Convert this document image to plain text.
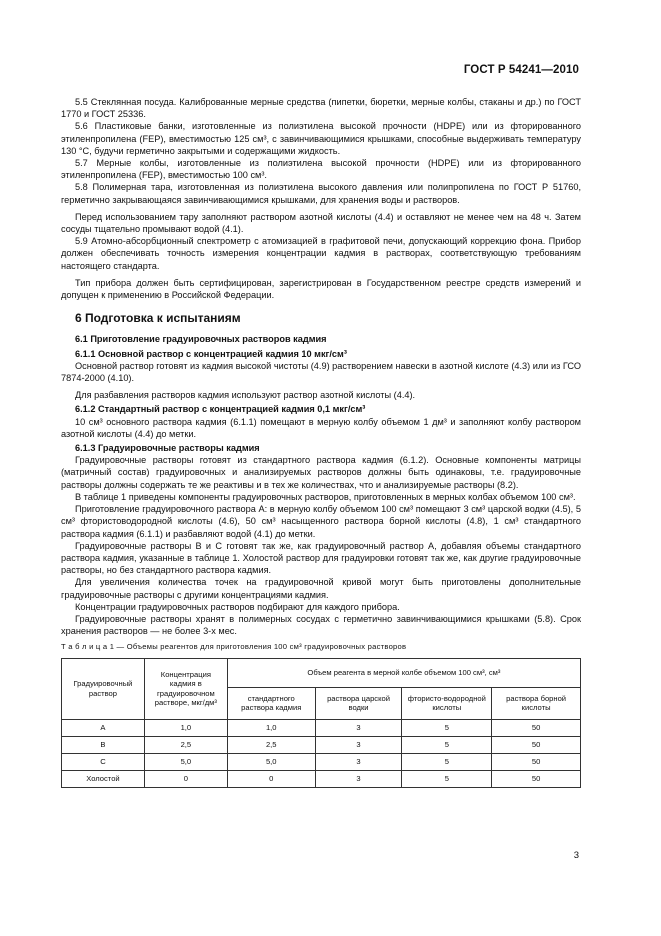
ГОСТ Р 54241—2010

5.5 Стеклянная посуда. Калиброванные мерные средства (пипетки, бюретки, мерные колбы, стаканы и др.) по ГОСТ 1770 и ГОСТ 25336.

5.6 Пластиковые банки, изготовленные из полиэтилена высокой прочности (HDPE) или из фторированного этиленпропилена (FEP), вместимостью 125 см³, с завинчивающимися крышками, способные выдерживать температуру 130 °C, будучи герметично закрытыми и содержащими жидкость.

5.7 Мерные колбы, изготовленные из полиэтилена высокой прочности (HDPE) или из фторированного этиленпропилена (FEP), вместимостью 100 см³.

5.8 Полимерная тара, изготовленная из полиэтилена высокого давления или полипропилена по ГОСТ Р 51760, герметично закрывающаяся завинчивающимися крышками, для хранения воды и растворов.

Перед использованием тару заполняют раствором азотной кислоты (4.4) и оставляют не менее чем на 48 ч. Затем сосуды тщательно промывают водой (4.1).

5.9 Атомно-абсорбционный спектрометр с атомизацией в графитовой печи, допускающий коррекцию фона. Прибор должен обеспечивать точность измерения концентрации кадмия в растворах, соответствующую требованиям настоящего стандарта.

Тип прибора должен быть сертифицирован, зарегистрирован в Государственном реестре средств измерений и допущен к применению в Российской Федерации.

6 Подготовка к испытаниям
6.1 Приготовление градуировочных растворов кадмия
6.1.1 Основной раствор с концентрацией кадмия 10 мкг/см³

Основной раствор готовят из кадмия высокой чистоты (4.9) растворением навески в азотной кислоте (4.3) или из ГСО 7874-2000 (4.10).

Для разбавления растворов кадмия используют раствор азотной кислоты (4.4).

6.1.2 Стандартный раствор с концентрацией кадмия 0,1 мкг/см³

10 см³ основного раствора кадмия (6.1.1) помещают в мерную колбу объемом 1 дм³ и заполняют колбу раствором азотной кислоты (4.4) до метки.

6.1.3 Градуировочные растворы кадмия

Градуировочные растворы готовят из стандартного раствора кадмия (6.1.2). Основные компоненты матрицы (матричный состав) градуировочных и анализируемых растворов должны быть одинаковы, т.е. градуировочные растворы должны содержать те же реактивы и в тех же количествах, что и анализируемые растворы (8.2).

В таблице 1 приведены компоненты градуировочных растворов, приготовленных в мерных колбах объемом 100 см³.

Приготовление градуировочного раствора А: в мерную колбу объемом 100 см³ помещают 3 см³ царской водки (4.5), 5 см³ фтористоводородной кислоты (4.6), 50 см³ насыщенного раствора борной кислоты (4.8), 1 см³ стандартного раствора кадмия (6.1.1) и разбавляют водой (4.1) до метки.

Градуировочные растворы В и С готовят так же, как градуировочный раствор А, добавляя объемы стандартного раствора кадмия, указанные в таблице 1. Холостой раствор для градуировки готовят так же, как другие градуировочные растворы, но без стандартного раствора кадмия.

Для увеличения количества точек на градуировочной кривой могут быть приготовлены дополнительные градуировочные растворы с другими концентрациями кадмия.

Концентрации градуировочных растворов подбирают для каждого прибора.

Градуировочные растворы хранят в полимерных сосудах с герметично завинчивающимися крышками (5.8). Срок хранения растворов — не более 3-х мес.

Т а б л и ц а 1 — Объемы реагентов для приготовления 100 см³ градуировочных растворов
Градуировочный раствор	Концентрация кадмия в градуировочном растворе, мкг/дм³	Объем реагента в мерной колбе объемом 100 см³, см³			
		стандартного раствора кадмия	раствора царской водки	фтористо-водородной кислоты	раствора борной кислоты
А	1,0	1,0	3	5	50
В	2,5	2,5	3	5	50
С	5,0	5,0	3	5	50
Холостой	0	0	3	5	50
3
